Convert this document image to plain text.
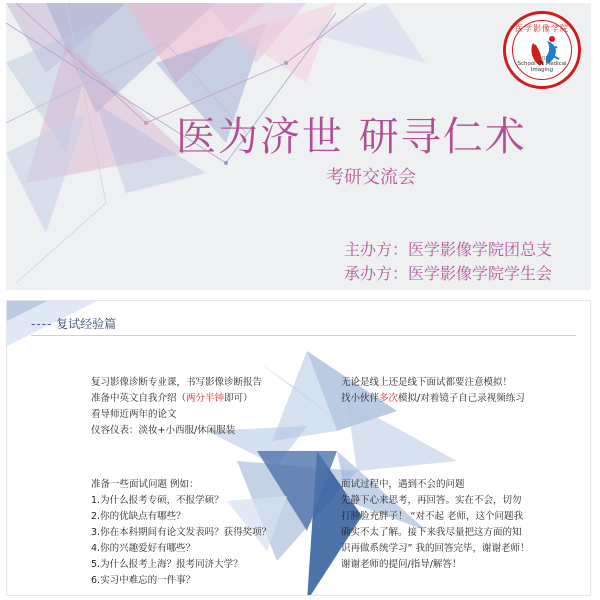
医学影像学院
2003
School Of Medical Imaging
医为济世 研寻仁术
考研交流会
主办方：医学影像学院团总支
承办方：医学影像学院学生会
---- 复试经验篇
复习影像诊断专业课，书写影像诊断报告
准备中英文自我介绍（两分半钟即可）
看导师近两年的论文
仪容仪表：淡妆+小西服/休闲服装
无论是线上还是线下面试都要注意模拟！
找小伙伴多次模拟/对着镜子自己录视频练习
准备一些面试问题 例如：
1.为什么报考专硕，不报学硕？
2.你的优缺点有哪些？
3.你在本科期间有论文发表吗？获得奖项？
4.你的兴趣爱好有哪些？
5.为什么报考上海？报考同济大学？
6.实习中难忘的一件事？
面试过程中，遇到不会的问题
先静下心来思考，再回答。实在不会，切勿
打肿脸充胖子！ “对不起 老师，这个问题我
确实不太了解。接下来我尽量把这方面的知
识再做系统学习” 我的回答完毕，谢谢老师！
谢谢老师的提问/指导/解答！
